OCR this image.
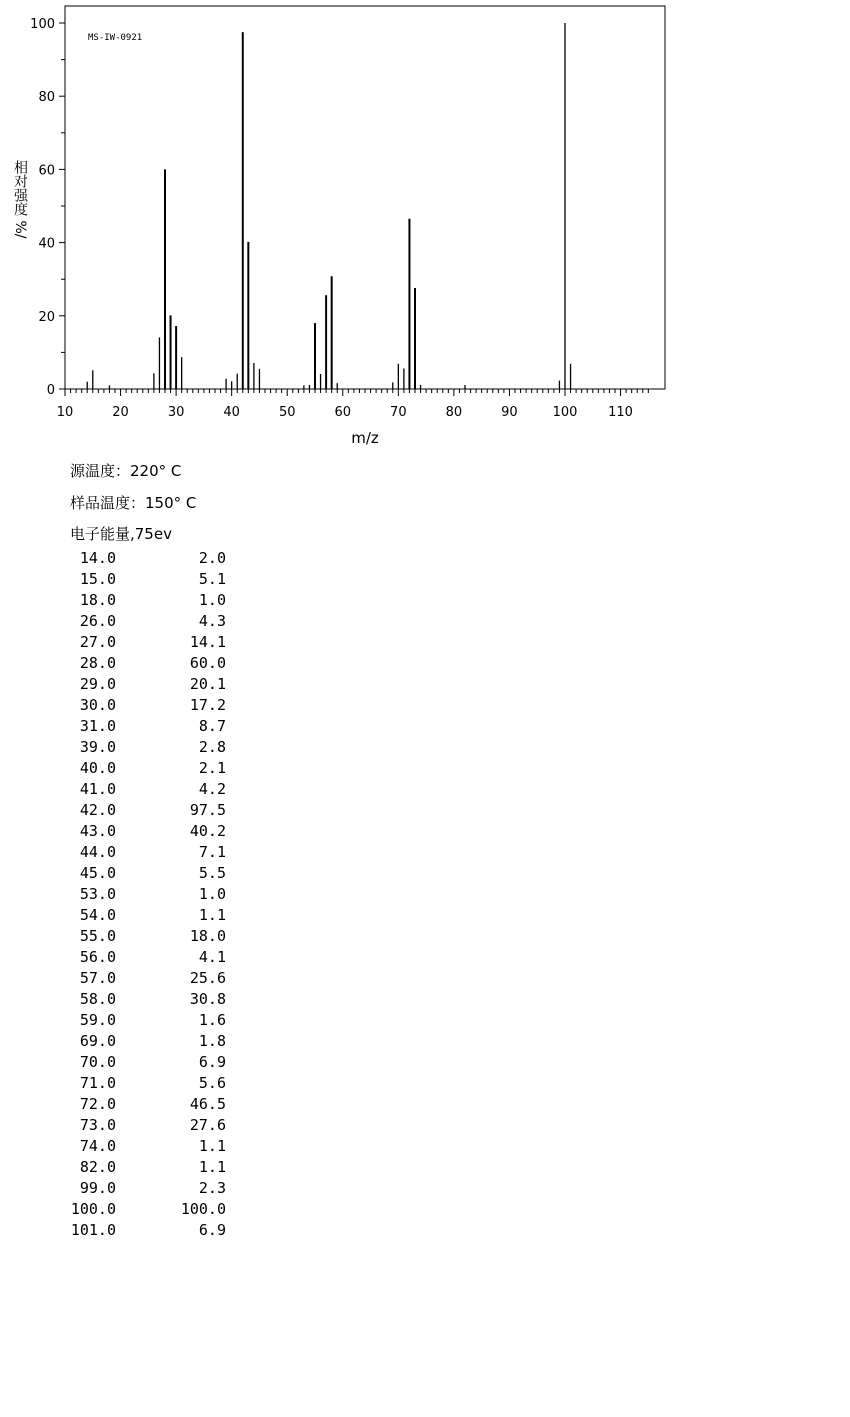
0
20
40
60
80
100
10	20	30	40	50	60	70	80	90	100 110
MS-IW-0921
m/z
相对强度 %/
源温度：220° C
样品温度：150° C
电子能量,75ev
14.0	2.0
15.0	5.1
18.0	1.0
26.0	4.3
27.0	14.1
28.0	60.0
29.0	20.1
30.0	17.2
31.0	8.7
39.0	2.8
40.0	2.1
41.0	4.2
42.0	97.5
43.0	40.2
44.0	7.1
45.0	5.5
53.0	1.0
54.0	1.1
55.0	18.0
56.0	4.1
57.0	25.6
58.0	30.8
59.0	1.6
69.0	1.8
70.0	6.9
71.0	5.6
72.0	46.5
73.0	27.6
74.0	1.1
82.0	1.1
99.0	2.3
100.0	100.0
101.0	6.9
